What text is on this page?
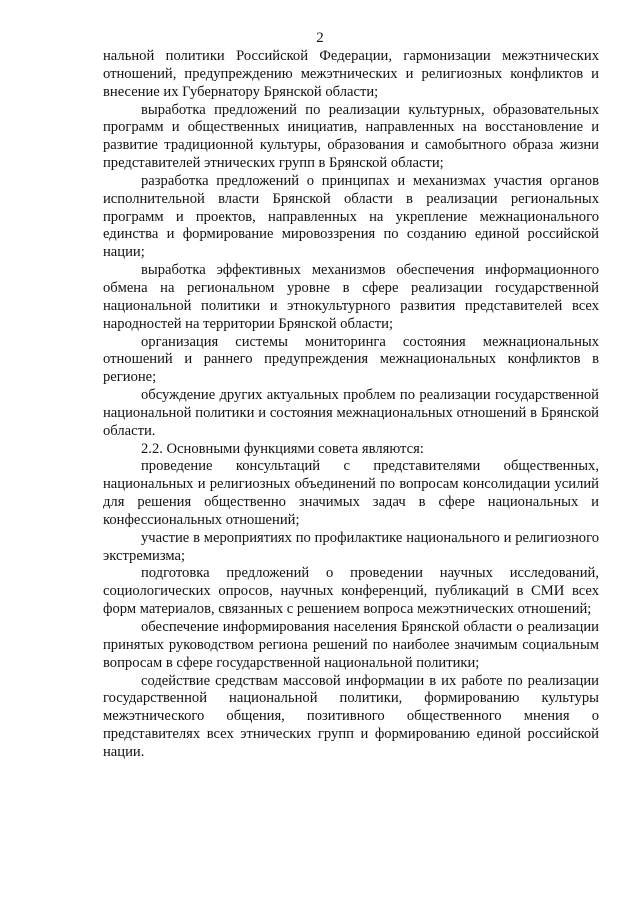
2

нальной политики Российской Федерации, гармонизации межэтнических отношений, предупреждению межэтнических и религиозных конфликтов и внесение их Губернатору Брянской области;

выработка предложений по реализации культурных, образовательных программ и общественных инициатив, направленных на восстановление и развитие традиционной культуры, образования и самобытного образа жизни представителей этнических групп в Брянской области;

разработка предложений о принципах и механизмах участия органов исполнительной власти Брянской области в реализации региональных программ и проектов, направленных на укрепление межнационального единства и формирование мировоззрения по созданию единой российской нации;

выработка эффективных механизмов обеспечения информационного обмена на региональном уровне в сфере реализации государственной национальной политики и этнокультурного развития представителей всех народностей на территории Брянской области;

организация системы мониторинга состояния межнациональных отношений и раннего предупреждения межнациональных конфликтов в регионе;

обсуждение других актуальных проблем по реализации государственной национальной политики и состояния межнациональных отношений в Брянской области.

2.2. Основными функциями совета являются:

проведение консультаций с представителями общественных, национальных и религиозных объединений по вопросам консолидации усилий для решения общественно значимых задач в сфере национальных и конфессиональных отношений;

участие в мероприятиях по профилактике национального и религиозного экстремизма;

подготовка предложений о проведении научных исследований, социологических опросов, научных конференций, публикаций в СМИ всех форм материалов, связанных с решением вопроса межэтнических отношений;

обеспечение информирования населения Брянской области о реализации принятых руководством региона решений по наиболее значимым социальным вопросам в сфере государственной национальной политики;

содействие средствам массовой информации в их работе по реализации государственной национальной политики, формированию культуры межэтнического общения, позитивного общественного мнения о представителях всех этнических групп и формированию единой российской нации.
